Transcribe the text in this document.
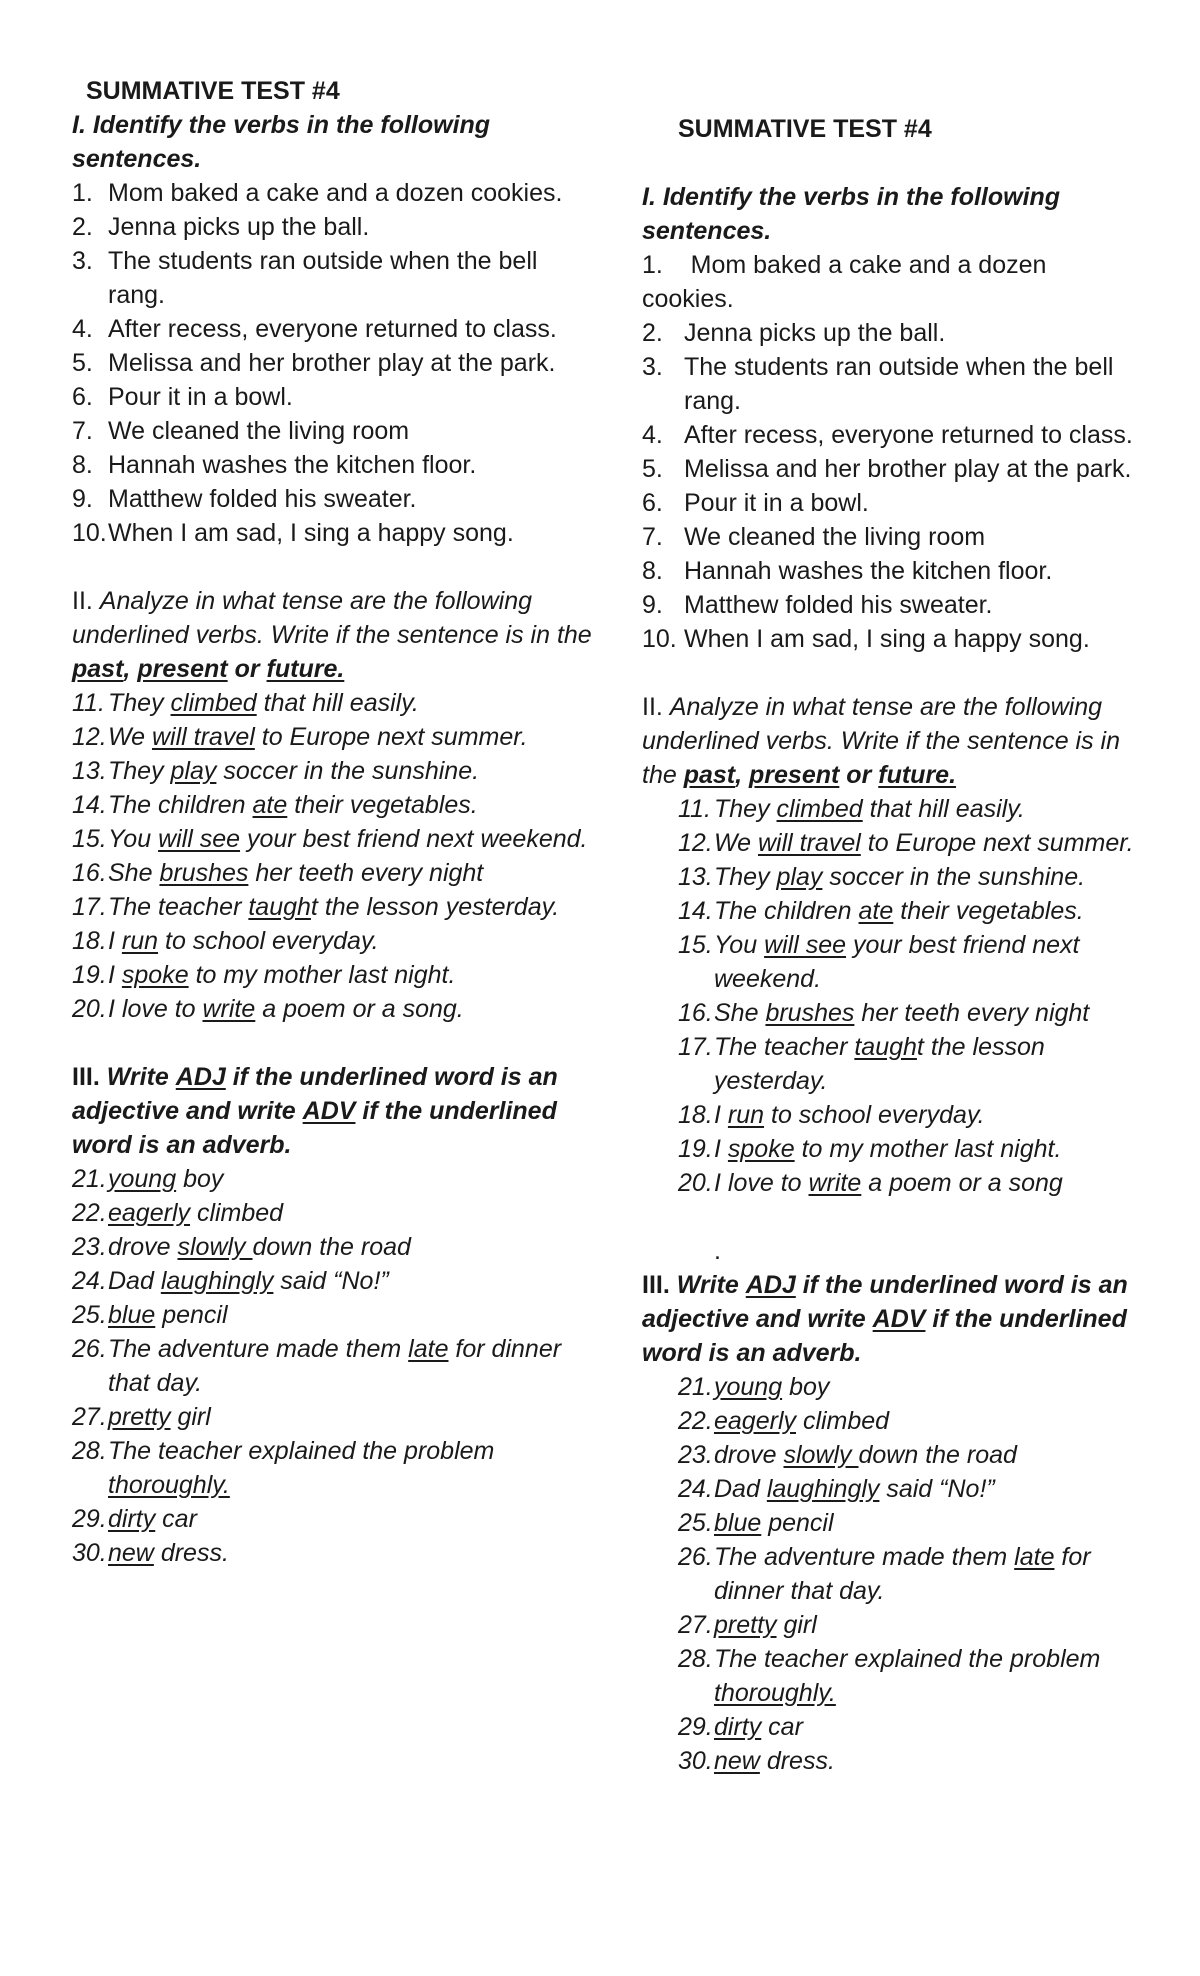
SUMMATIVE TEST #4

I. Identify the verbs in the following sentences.

1. Mom baked a cake and a dozen cookies.
2. Jenna picks up the ball.
3. The students ran outside when the bell rang.
4. After recess, everyone returned to class.
5. Melissa and her brother play at the park.
6. Pour it in a bowl.
7. We cleaned the living room
8. Hannah washes the kitchen floor.
9. Matthew folded his sweater.
10. When I am sad, I sing a happy song.

II. Analyze in what tense are the following underlined verbs. Write if the sentence is in the past, present or future.

11. They climbed that hill easily.
12. We will travel to Europe next summer.
13. They play soccer in the sunshine.
14. The children ate their vegetables.
15. You will see your best friend next weekend.
16. She brushes her teeth every night
17. The teacher taught the lesson yesterday.
18. I run to school everyday.
19. I spoke to my mother last night.
20. I love to write a poem or a song.

III. Write ADJ if the underlined word is an adjective and write ADV if the underlined word is an adverb.

21. young boy
22. eagerly climbed
23. drove slowly down the road
24. Dad laughingly said “No!”
25. blue pencil
26. The adventure made them late for dinner that day.
27. pretty girl
28. The teacher explained the problem thoroughly.
29. dirty car
30. new dress.

SUMMATIVE TEST #4

I. Identify the verbs in the following sentences.

1.    Mom baked a cake and a dozen cookies.

2. Jenna picks up the ball.
3. The students ran outside when the bell rang.
4. After recess, everyone returned to class.
5. Melissa and her brother play at the park.
6. Pour it in a bowl.
7. We cleaned the living room
8. Hannah washes the kitchen floor.
9. Matthew folded his sweater.
10. When I am sad, I sing a happy song.

II. Analyze in what tense are the following underlined verbs. Write if the sentence is in the past, present or future.

11. They climbed that hill easily.
12. We will travel to Europe next summer.
13. They play soccer in the sunshine.
14. The children ate their vegetables.
15. You will see your best friend next weekend.
16. She brushes her teeth every night
17. The teacher taught the lesson yesterday.
18. I run to school everyday.
19. I spoke to my mother last night.
20. I love to write a poem or a song
.

III. Write ADJ if the underlined word is an adjective and write ADV if the underlined word is an adverb.

21. young boy
22. eagerly climbed
23. drove slowly down the road
24. Dad laughingly said “No!”
25. blue pencil
26. The adventure made them late for dinner that day.
27. pretty girl
28. The teacher explained the problem thoroughly.
29. dirty car
30. new dress.
